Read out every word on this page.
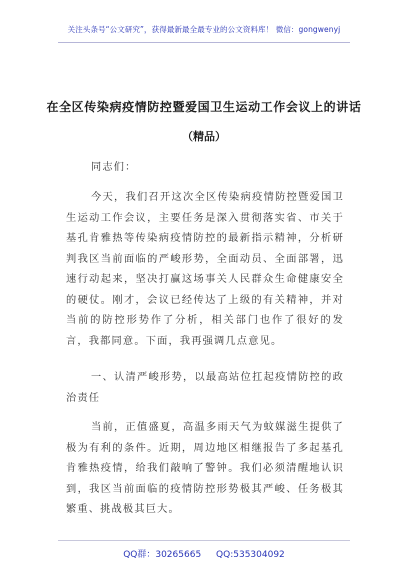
关注头条号“公文研究”，获得最新最全最专业的公文资料库！ 微信：gongwenyj
在全区传染病疫情防控暨爱国卫生运动工作会议上的讲话
（精品）

同志们：

今天，我们召开这次全区传染病疫情防控暨爱国卫生运动工作会议，主要任务是深入贯彻落实省、市关于基孔肯雅热等传染病疫情防控的最新指示精神，分析研判我区当前面临的严峻形势，全面动员、全面部署，迅速行动起来，坚决打赢这场事关人民群众生命健康安全的硬仗。刚才，会议已经传达了上级的有关精神，并对当前的防控形势作了分析，相关部门也作了很好的发言，我都同意。下面，我再强调几点意见。

一、认清严峻形势，以最高站位扛起疫情防控的政治责任

当前，正值盛夏，高温多雨天气为蚊媒滋生提供了极为有利的条件。近期，周边地区相继报告了多起基孔肯雅热疫情，给我们敲响了警钟。我们必须清醒地认识到，我区当前面临的疫情防控形势极其严峻、任务极其繁重、挑战极其巨大。

QQ群：30265665 QQ:535304092
